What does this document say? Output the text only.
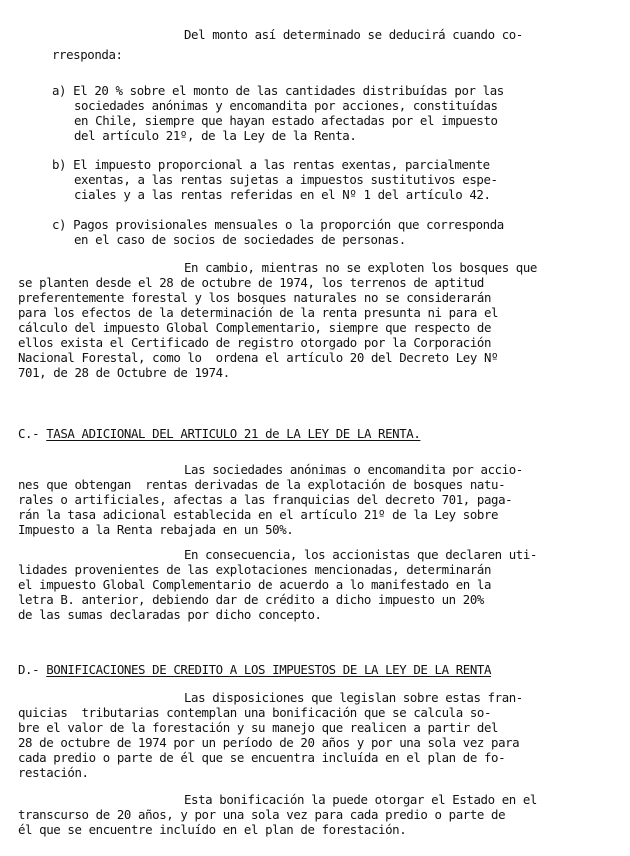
Del monto así determinado se deducirá cuando co-

rresponda:

a) El 20 % sobre el monto de las cantidades distribuídas por las

sociedades anónimas y encomandita por acciones, constituídas

en Chile, siempre que hayan estado afectadas por el impuesto

del artículo 21º, de la Ley de la Renta.

b) El impuesto proporcional a las rentas exentas, parcialmente

exentas, a las rentas sujetas a impuestos sustitutivos espe-

ciales y a las rentas referidas en el Nº 1 del artículo 42.

c) Pagos provisionales mensuales o la proporción que corresponda

en el caso de socios de sociedades de personas.

En cambio, mientras no se exploten los bosques que

se planten desde el 28 de octubre de 1974, los terrenos de aptitud

preferentemente forestal y los bosques naturales no se considerarán

para los efectos de la determinación de la renta presunta ni para el

cálculo del impuesto Global Complementario, siempre que respecto de

ellos exista el Certificado de registro otorgado por la Corporación

Nacional Forestal, como lo  ordena el artículo 20 del Decreto Ley Nº

701, de 28 de Octubre de 1974.

C.- TASA ADICIONAL DEL ARTICULO 21 de LA LEY DE LA RENTA.

Las sociedades anónimas o encomandita por accio-

nes que obtengan  rentas derivadas de la explotación de bosques natu-

rales o artificiales, afectas a las franquicias del decreto 701, paga-

rán la tasa adicional establecida en el artículo 21º de la Ley sobre

Impuesto a la Renta rebajada en un 50%.

En consecuencia, los accionistas que declaren uti-

lidades provenientes de las explotaciones mencionadas, determinarán

el impuesto Global Complementario de acuerdo a lo manifestado en la

letra B. anterior, debiendo dar de crédito a dicho impuesto un 20%

de las sumas declaradas por dicho concepto.

D.- BONIFICACIONES DE CREDITO A LOS IMPUESTOS DE LA LEY DE LA RENTA

Las disposiciones que legislan sobre estas fran-

quicias  tributarias contemplan una bonificación que se calcula so-

bre el valor de la forestación y su manejo que realicen a partir del

28 de octubre de 1974 por un período de 20 años y por una sola vez para

cada predio o parte de él que se encuentra incluída en el plan de fo-

restación.

Esta bonificación la puede otorgar el Estado en el

transcurso de 20 años, y por una sola vez para cada predio o parte de

él que se encuentre incluído en el plan de forestación.
